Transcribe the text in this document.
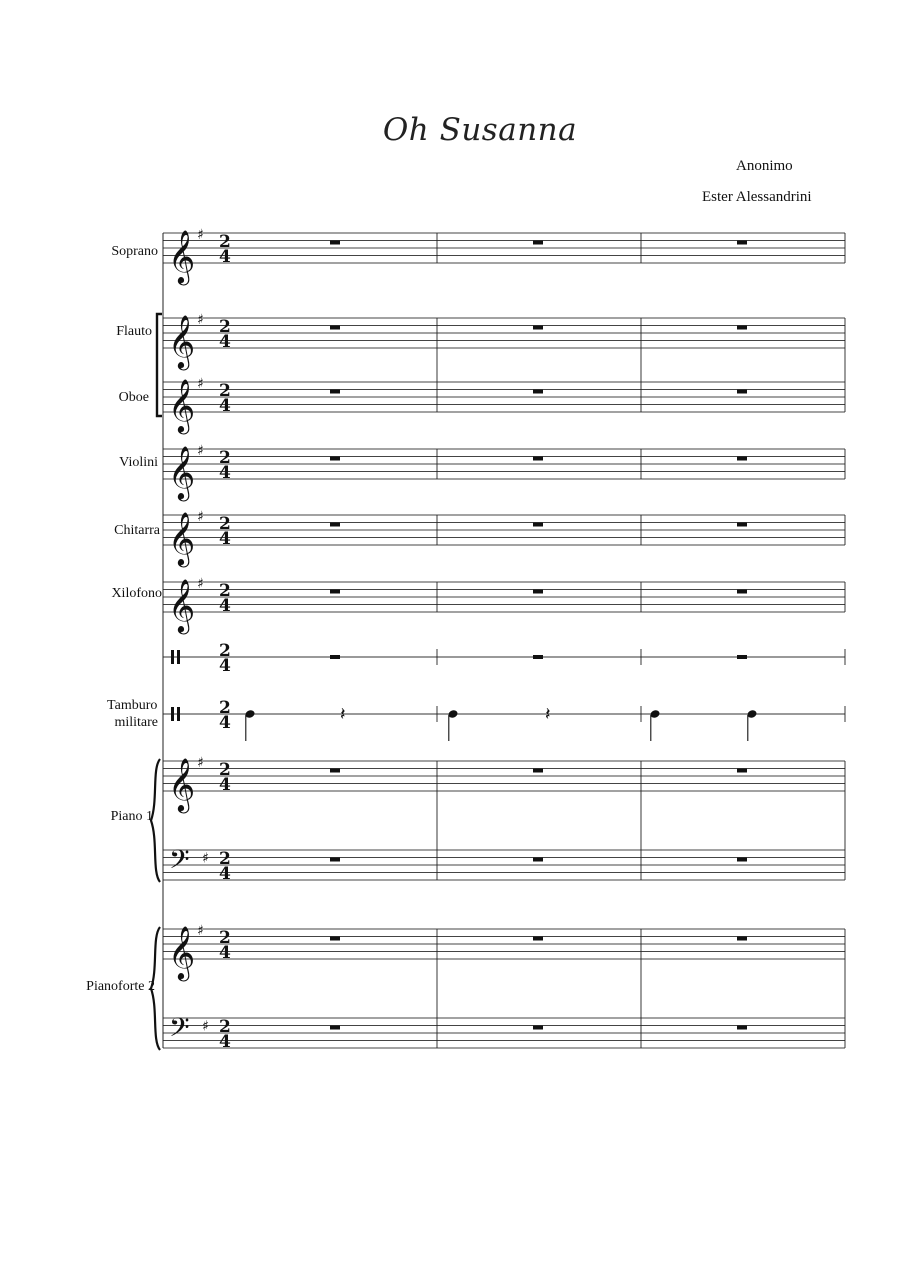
Oh Susanna
Anonimo
Ester Alessandrini
Soprano
Flauto
Oboe
Violini
Chitarra
Xilofono
Tamburo
militare
Piano 1
Pianoforte 2
𝄞 ♯ 2
4
𝄞 ♯ 2
4
𝄞 ♯ 2
4
𝄞 ♯ 2
4
𝄞 ♯ 2
4
𝄞 ♯ 2
4
2
4
2
4	𝄽	𝄽
𝄞 ♯ 2
4
𝄢 ♯ 2
4
𝄞 ♯ 2
4
𝄢 ♯ 2
4
